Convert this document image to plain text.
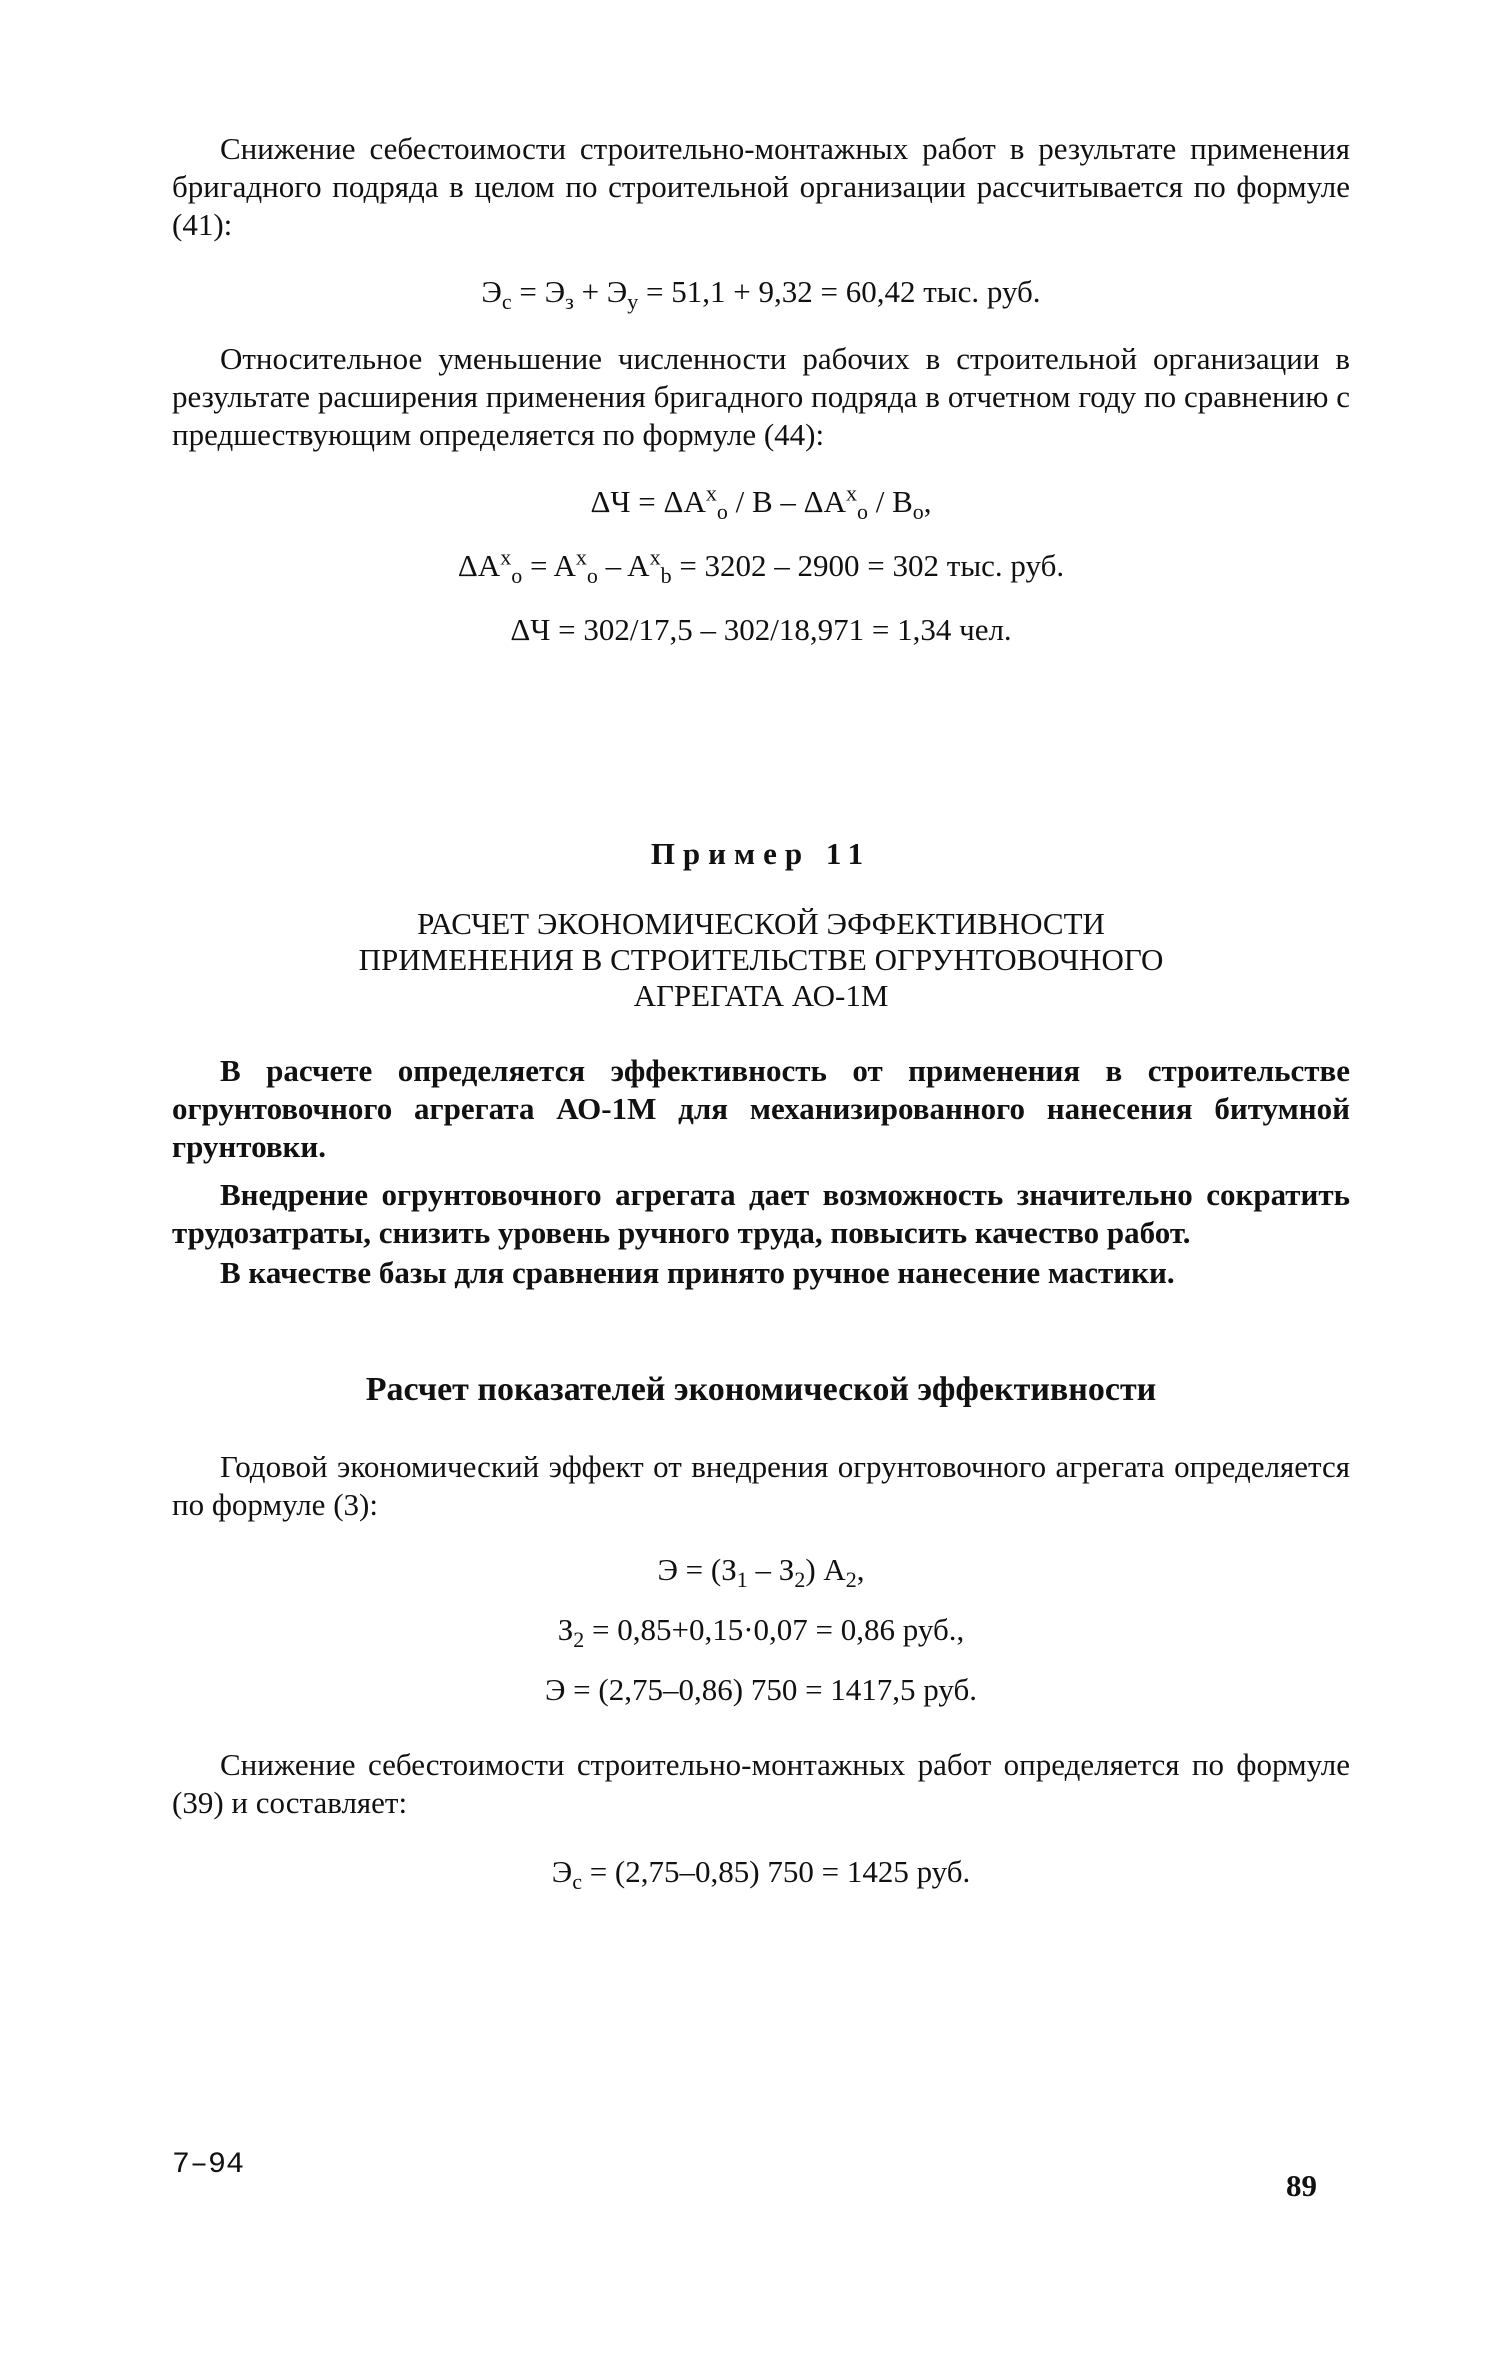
Снижение себестоимости строительно-монтажных работ в результате применения бригадного подряда в целом по строительной организации рассчитывается по формуле (41):

$Э_с = Э_з + Э_у = 51,1 + 9,32 = 60,42$ тыс. руб.

Относительное уменьшение численности рабочих в строительной организации в результате расширения применения бригадного подряда в отчетном году по сравнению с предшествующим определяется по формуле (44):

$\Delta Ч = \Delta A^x_o / B - \Delta A^x_o / B_o$,
$\Delta A^x_o = A^x_o - A^x_b = 3202 - 2900 = 302$ тыс. руб.
ΔЧ = 302/17,5 – 302/18,971 = 1,34 чел.
Пример 11
РАСЧЕТ ЭКОНОМИЧЕСКОЙ ЭФФЕКТИВНОСТИ
ПРИМЕНЕНИЯ В СТРОИТЕЛЬСТВЕ ОГРУНТОВОЧНОГО
АГРЕГАТА АО-1М

В расчете определяется эффективность от применения в строительстве огрунтовочного агрегата АО-1М для механизированного нанесения битумной грунтовки.

Внедрение огрунтовочного агрегата дает возможность значительно сократить трудозатраты, снизить уровень ручного труда, повысить качество работ.

В качестве базы для сравнения принято ручное нанесение мастики.

Расчет показателей экономической эффективности

Годовой экономический эффект от внедрения огрунтовочного агрегата определяется по формуле (3):

$Э = (З_1 - З_2)$ $A_2$,
$З_2 = 0,85+0,15\cdot 0,07 = 0,86$ руб.,
Э = (2,75–0,86) 750 = 1417,5 руб.

Снижение себестоимости строительно-монтажных работ определяется по формуле (39) и составляет:

$Э_с = (2,75-0,85) 750 = 1425$ руб.
7–94
89
